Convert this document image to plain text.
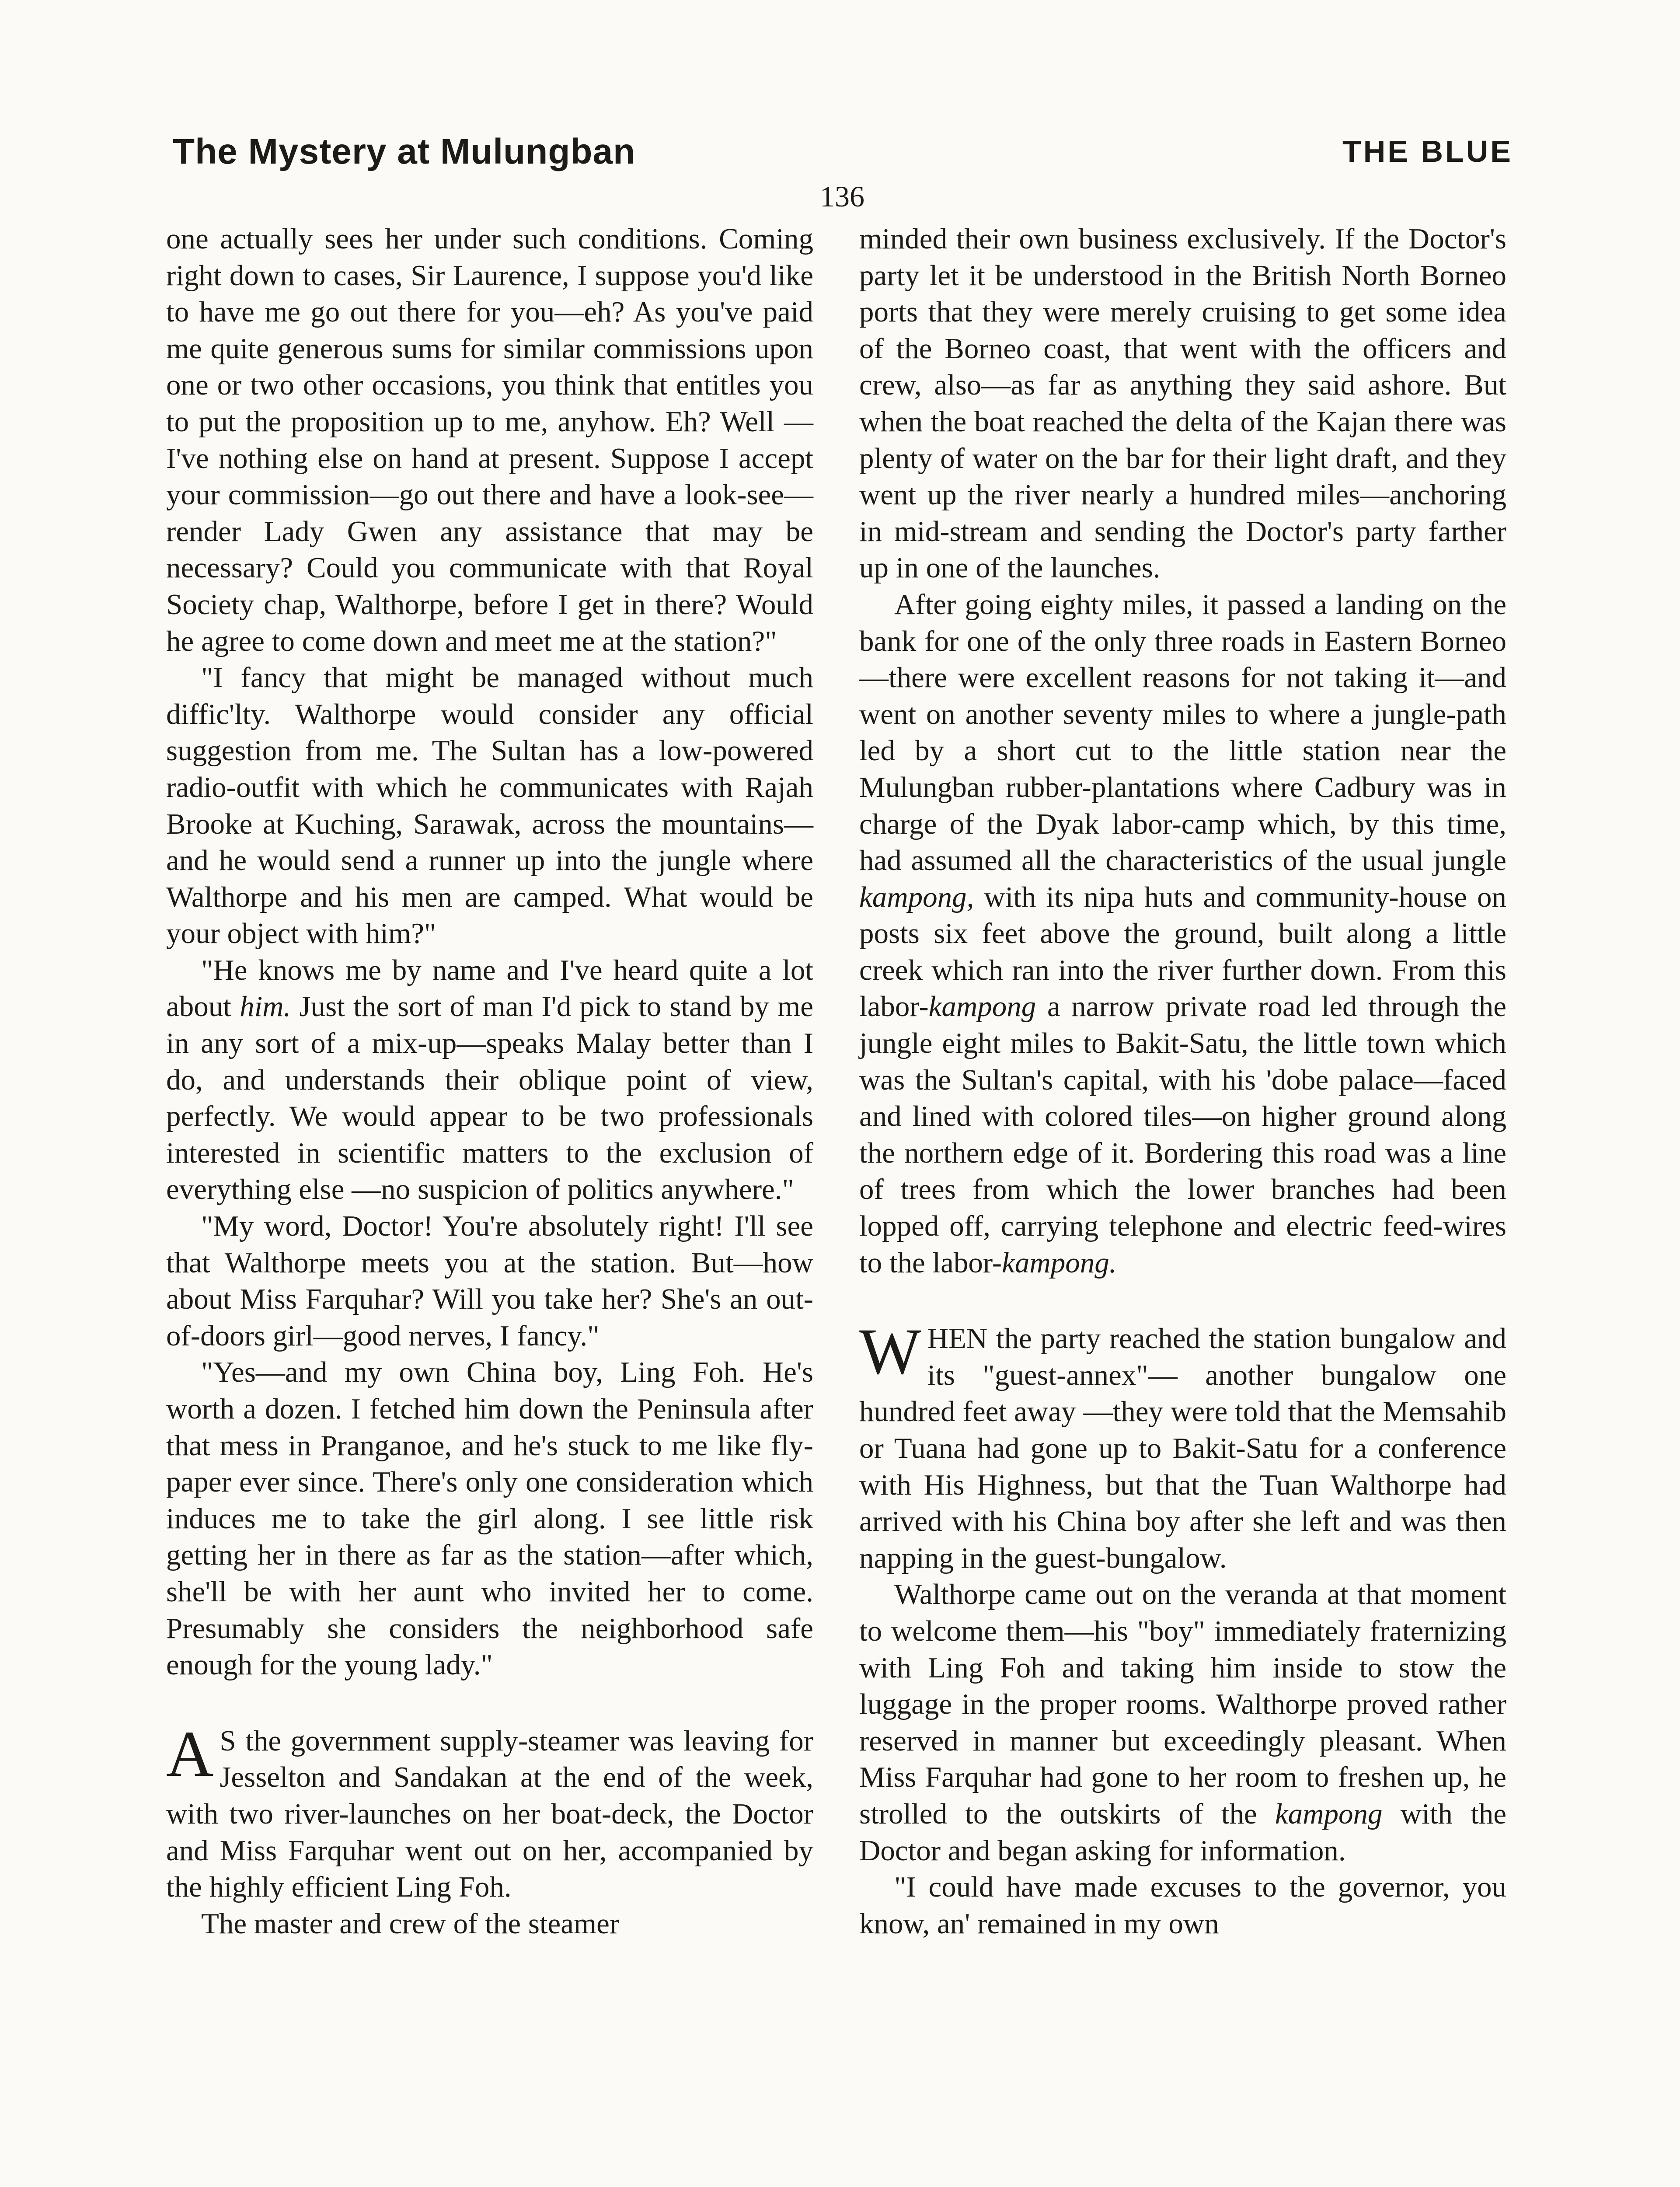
The Mystery at Mulungban	THE BLUE
136

one actually sees her under such conditions. Coming right down to cases, Sir Laurence, I suppose you'd like to have me go out there for you—eh? As you've paid me quite generous sums for similar commissions upon one or two other occasions, you think that entitles you to put the proposition up to me, anyhow. Eh? Well —I've nothing else on hand at present. Suppose I accept your commission—go out there and have a look-see—render Lady Gwen any assistance that may be necessary? Could you communicate with that Royal Society chap, Walthorpe, before I get in there? Would he agree to come down and meet me at the station?"

"I fancy that might be managed without much diffic'lty. Walthorpe would consider any official suggestion from me. The Sultan has a low-powered radio-outfit with which he communicates with Rajah Brooke at Kuching, Sarawak, across the mountains—and he would send a runner up into the jungle where Walthorpe and his men are camped. What would be your object with him?"

"He knows me by name and I've heard quite a lot about him. Just the sort of man I'd pick to stand by me in any sort of a mix-up—speaks Malay better than I do, and understands their oblique point of view, perfectly. We would appear to be two professionals interested in scientific matters to the exclusion of everything else —no suspicion of politics anywhere."

"My word, Doctor! You're absolutely right! I'll see that Walthorpe meets you at the station. But—how about Miss Farquhar? Will you take her? She's an out-of-doors girl—good nerves, I fancy."

"Yes—and my own China boy, Ling Foh. He's worth a dozen. I fetched him down the Peninsula after that mess in Pranganoe, and he's stuck to me like fly-paper ever since. There's only one consideration which induces me to take the girl along. I see little risk getting her in there as far as the station—after which, she'll be with her aunt who invited her to come. Presumably she considers the neighborhood safe enough for the young lady."

A S the government supply-steamer was leaving for Jesselton and Sandakan at the end of the week, with two river-launches on her boat-deck, the Doctor and Miss Farquhar went out on her, accompanied by the highly efficient Ling Foh.

The master and crew of the steamer

minded their own business exclusively. If the Doctor's party let it be understood in the British North Borneo ports that they were merely cruising to get some idea of the Borneo coast, that went with the officers and crew, also—as far as anything they said ashore. But when the boat reached the delta of the Kajan there was plenty of water on the bar for their light draft, and they went up the river nearly a hundred miles—anchoring in mid-stream and sending the Doctor's party farther up in one of the launches.

After going eighty miles, it passed a landing on the bank for one of the only three roads in Eastern Borneo—there were excellent reasons for not taking it—and went on another seventy miles to where a jungle-path led by a short cut to the little station near the Mulungban rubber-plantations where Cadbury was in charge of the Dyak labor-camp which, by this time, had assumed all the characteristics of the usual jungle kampong, with its nipa huts and community-house on posts six feet above the ground, built along a little creek which ran into the river further down. From this labor-kampong a narrow private road led through the jungle eight miles to Bakit-Satu, the little town which was the Sultan's capital, with his 'dobe palace—faced and lined with colored tiles—on higher ground along the northern edge of it. Bordering this road was a line of trees from which the lower branches had been lopped off, carrying telephone and electric feed-wires to the labor-kampong.

WHEN the party reached the station bungalow and its "guest-annex"— another bungalow one hundred feet away —they were told that the Memsahib or Tuana had gone up to Bakit-Satu for a conference with His Highness, but that the Tuan Walthorpe had arrived with his China boy after she left and was then napping in the guest-bungalow.

Walthorpe came out on the veranda at that moment to welcome them—his "boy" immediately fraternizing with Ling Foh and taking him inside to stow the luggage in the proper rooms. Walthorpe proved rather reserved in manner but exceedingly pleasant. When Miss Farquhar had gone to her room to freshen up, he strolled to the outskirts of the kampong with the Doctor and began asking for information.

"I could have made excuses to the governor, you know, an' remained in my own
